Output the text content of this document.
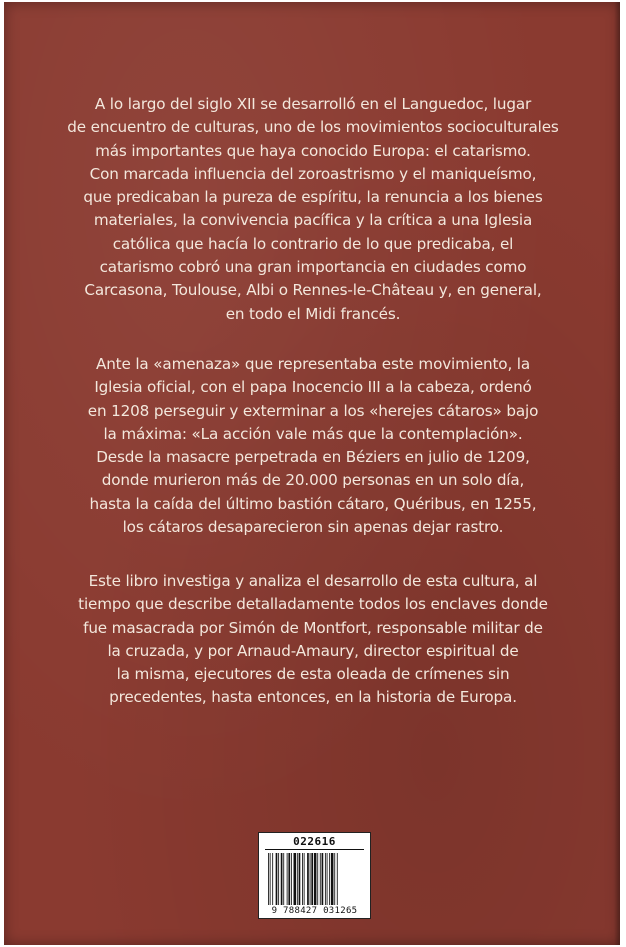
A lo largo del siglo XII se desarrolló en el Languedoc, lugar
de encuentro de culturas, uno de los movimientos socioculturales
más importantes que haya conocido Europa: el catarismo.
Con marcada influencia del zoroastrismo y el maniqueísmo,
que predicaban la pureza de espíritu, la renuncia a los bienes
materiales, la convivencia pacífica y la crítica a una Iglesia
católica que hacía lo contrario de lo que predicaba, el
catarismo cobró una gran importancia en ciudades como
Carcasona, Toulouse, Albi o Rennes-le-Château y, en general,
en todo el Midi francés.
Ante la «amenaza» que representaba este movimiento, la
Iglesia oficial, con el papa Inocencio III a la cabeza, ordenó
en 1208 perseguir y exterminar a los «herejes cátaros» bajo
la máxima: «La acción vale más que la contemplación».
Desde la masacre perpetrada en Béziers en julio de 1209,
donde murieron más de 20.000 personas en un solo día,
hasta la caída del último bastión cátaro, Quéribus, en 1255,
los cátaros desaparecieron sin apenas dejar rastro.
Este libro investiga y analiza el desarrollo de esta cultura, al
tiempo que describe detalladamente todos los enclaves donde
fue masacrada por Simón de Montfort, responsable militar de
la cruzada, y por Arnaud-Amaury, director espiritual de
la misma, ejecutores de esta oleada de crímenes sin
precedentes, hasta entonces, en la historia de Europa.
022616
9 788427 031265
